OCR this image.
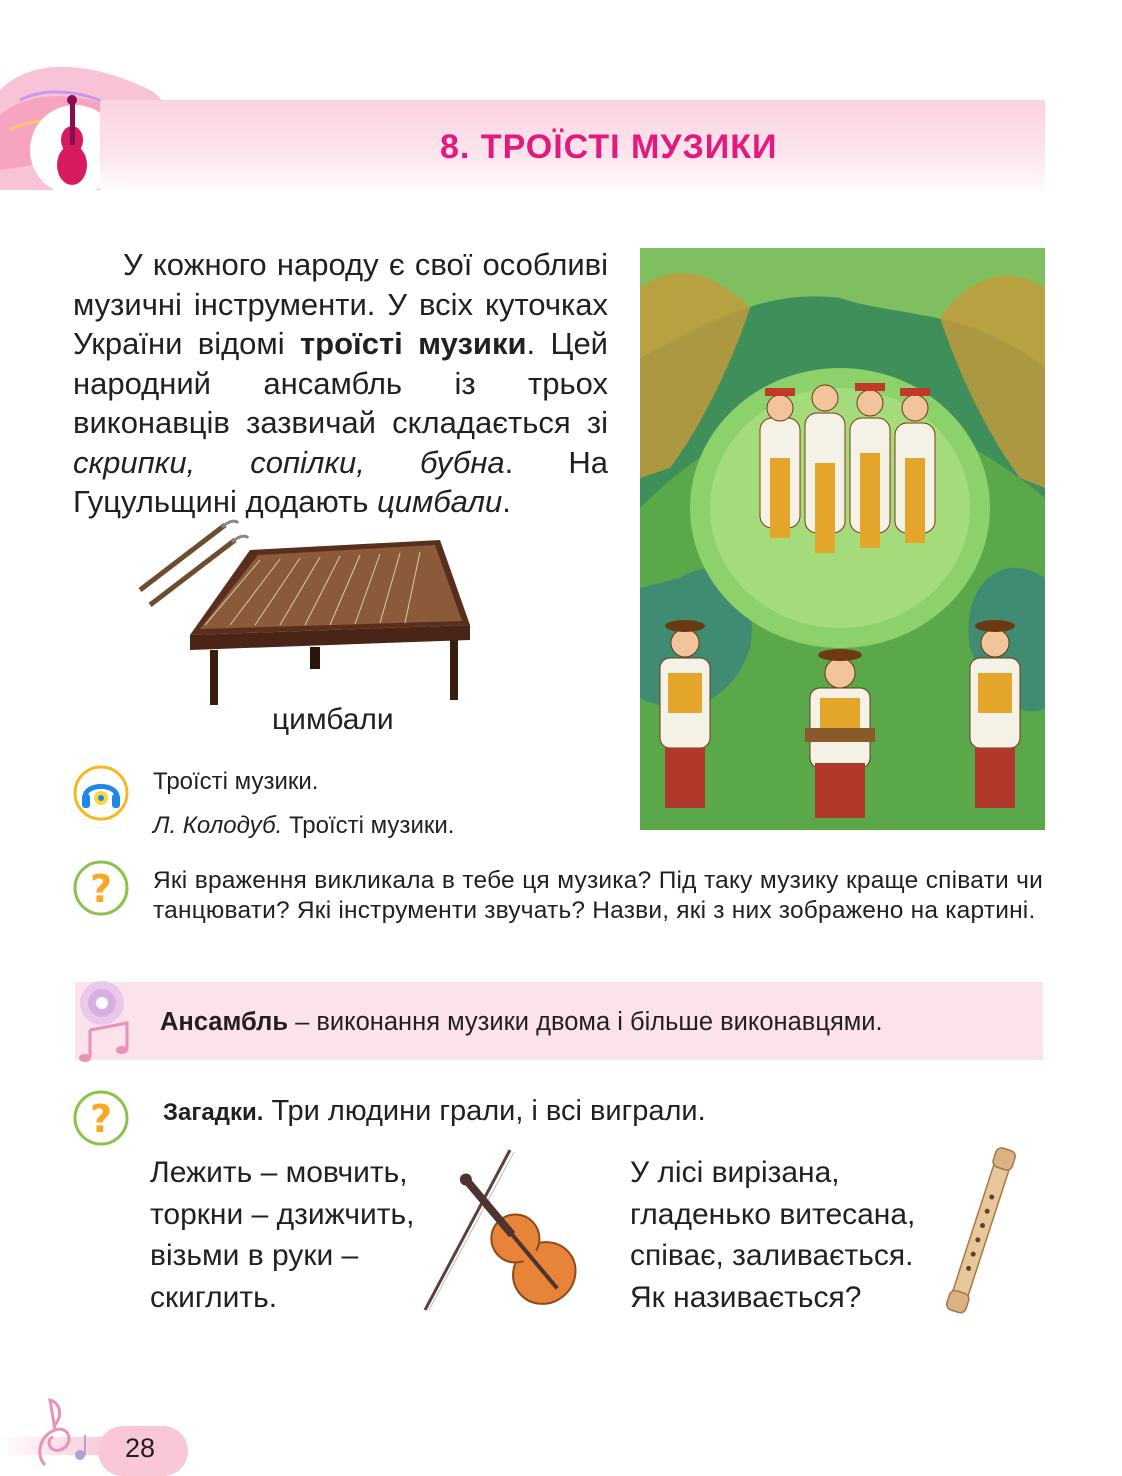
8. ТРОЇСТІ МУЗИКИ

У кожного народу є свої особливі музичні інструменти. У всіх куточках України відомі троїсті музики. Цей народний ансамбль із трьох виконавців зазвичай складається зі скрипки, сопілки, бубна. На Гуцульщині додають цимбали.

цимбали
Троїсті музики.
Л. Колодуб. Троїсті музики.
? Які враження викликала в тебе ця музика? Під таку музику краще співати чи танцювати? Які інструменти звучать? Назви, які з них зображено на картині.
Ансамбль – виконання музики двома і більше виконавцями.
? Загадки. Три людини грали, і всі виграли.
Лежить – мовчить,
торкни – дзижчить,
візьми в руки –
скиглить.
У лісі вирізана,
гладенько витесана,
співає, заливається.
Як називається?
28
